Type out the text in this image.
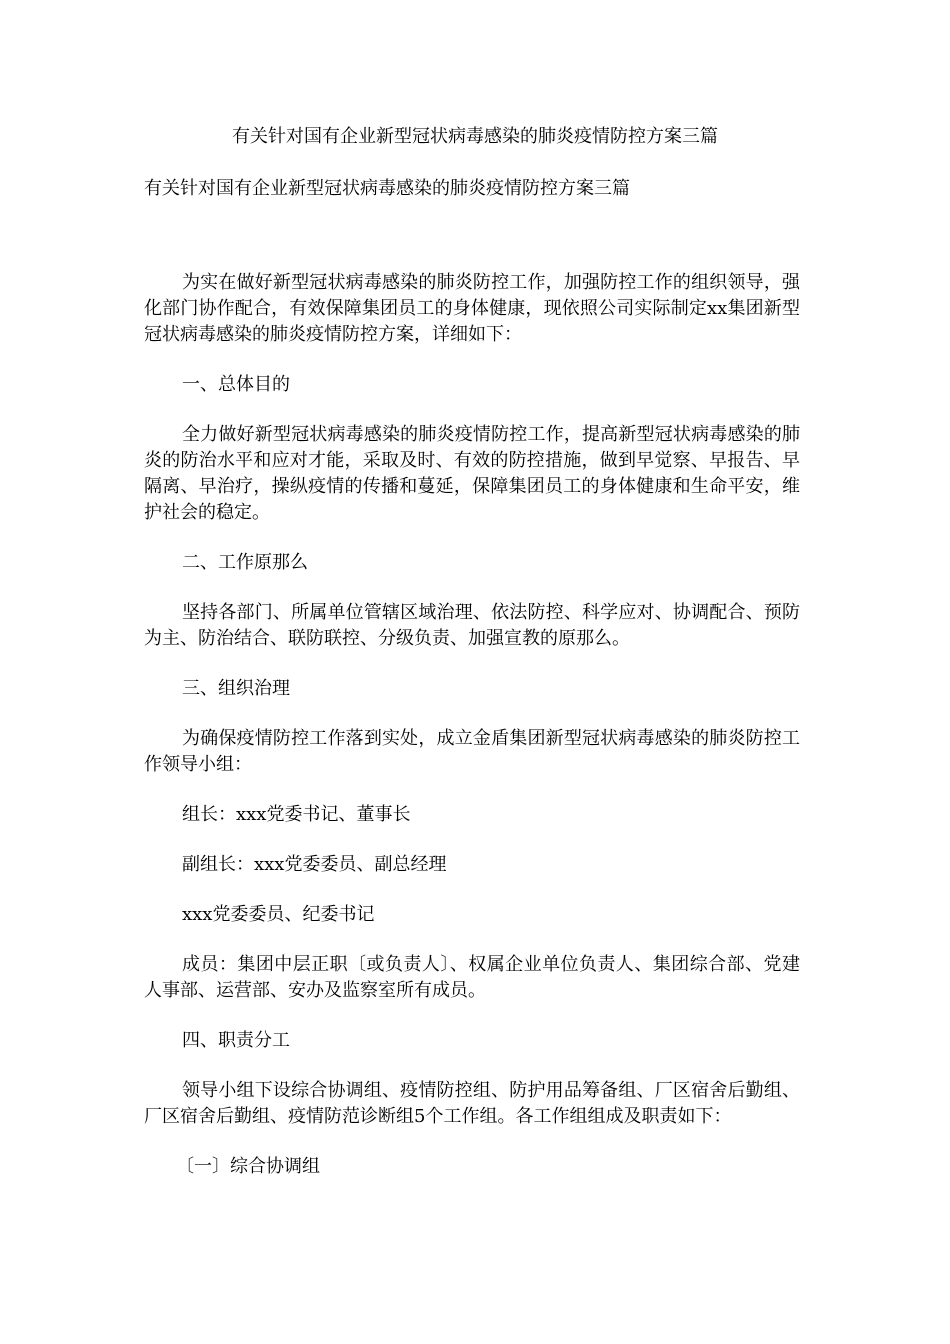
有关针对国有企业新型冠状病毒感染的肺炎疫情防控方案三篇
有关针对国有企业新型冠状病毒感染的肺炎疫情防控方案三篇

为实在做好新型冠状病毒感染的肺炎防控工作，加强防控工作的组织领导，强化部门协作配合，有效保障集团员工的身体健康，现依照公司实际制定xx集团新型冠状病毒感染的肺炎疫情防控方案，详细如下：

一、总体目的

全力做好新型冠状病毒感染的肺炎疫情防控工作，提高新型冠状病毒感染的肺炎的防治水平和应对才能，采取及时、有效的防控措施，做到早觉察、早报告、早隔离、早治疗，操纵疫情的传播和蔓延，保障集团员工的身体健康和生命平安，维护社会的稳定。

二、工作原那么

坚持各部门、所属单位管辖区域治理、依法防控、科学应对、协调配合、预防为主、防治结合、联防联控、分级负责、加强宣教的原那么。

三、组织治理

为确保疫情防控工作落到实处，成立金盾集团新型冠状病毒感染的肺炎防控工作领导小组：

组长：xxx党委书记、董事长

副组长：xxx党委委员、副总经理

xxx党委委员、纪委书记

成员：集团中层正职〔或负责人〕、权属企业单位负责人、集团综合部、党建人事部、运营部、安办及监察室所有成员。

四、职责分工

领导小组下设综合协调组、疫情防控组、防护用品筹备组、厂区宿舍后勤组、厂区宿舍后勤组、疫情防范诊断组5个工作组。各工作组组成及职责如下：

〔一〕综合协调组
